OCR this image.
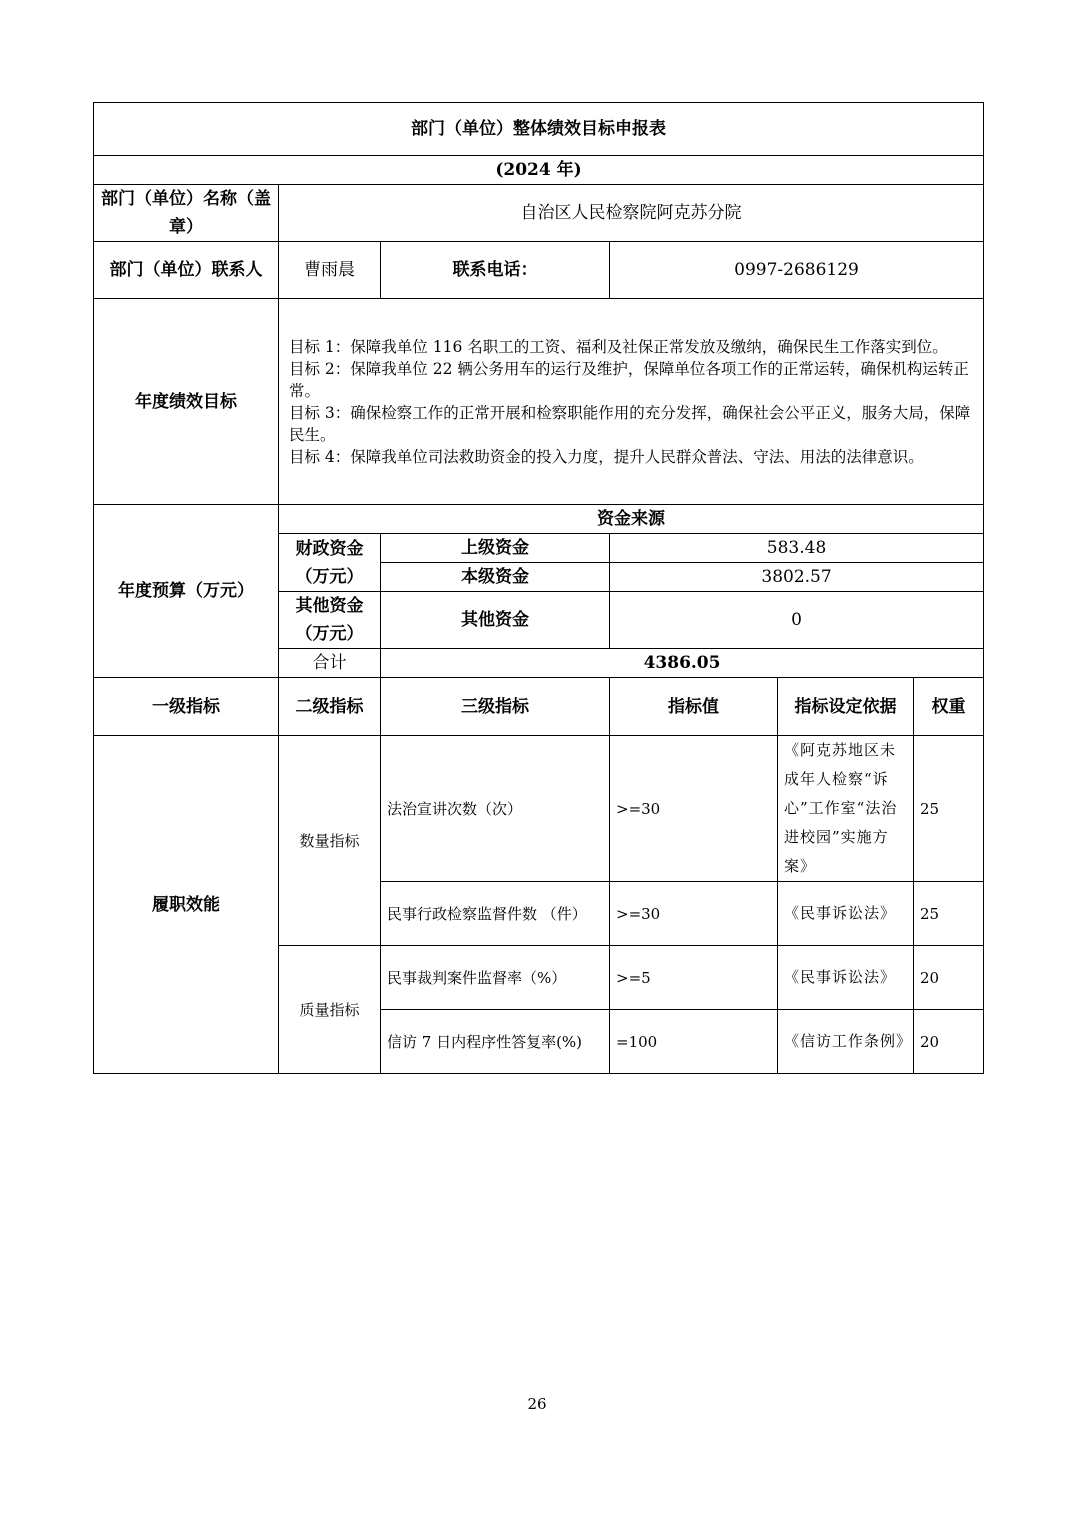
部门（单位）整体绩效目标申报表					
(2024 年)					
部门（单位）名称（盖章）	自治区人民检察院阿克苏分院				
部门（单位）联系人	曹雨晨	联系电话：	0997-2686129		
年度绩效目标	目标 1：保障我单位 116 名职工的工资、福利及社保正常发放及缴纳，确保民生工作落实到位。
目标 2：保障我单位 22 辆公务用车的运行及维护，保障单位各项工作的正常运转，确保机构运转正常。
目标 3：确保检察工作的正常开展和检察职能作用的充分发挥，确保社会公平正义，服务大局，保障民生。
目标 4：保障我单位司法救助资金的投入力度，提升人民群众普法、守法、用法的法律意识。				

年度预算（万元）	资金来源				
	财政资金（万元）	上级资金	583.48		
		本级资金	3802.57		
	其他资金（万元）	其他资金	0		
	合计	4386.05			

一级指标	二级指标	三级指标	指标值	指标设定依据	权重
履职效能	数量指标	法治宣讲次数（次）	>=30	《阿克苏地区未成年人检察“诉心”工作室“法治进校园”实施方案》	25
		民事行政检察监督件数 （件）	>=30	《民事诉讼法》	25
	质量指标	民事裁判案件监督率（%）	>=5	《民事诉讼法》	20
		信访 7 日内程序性答复率(%)	=100	《信访工作条例》	20
26
